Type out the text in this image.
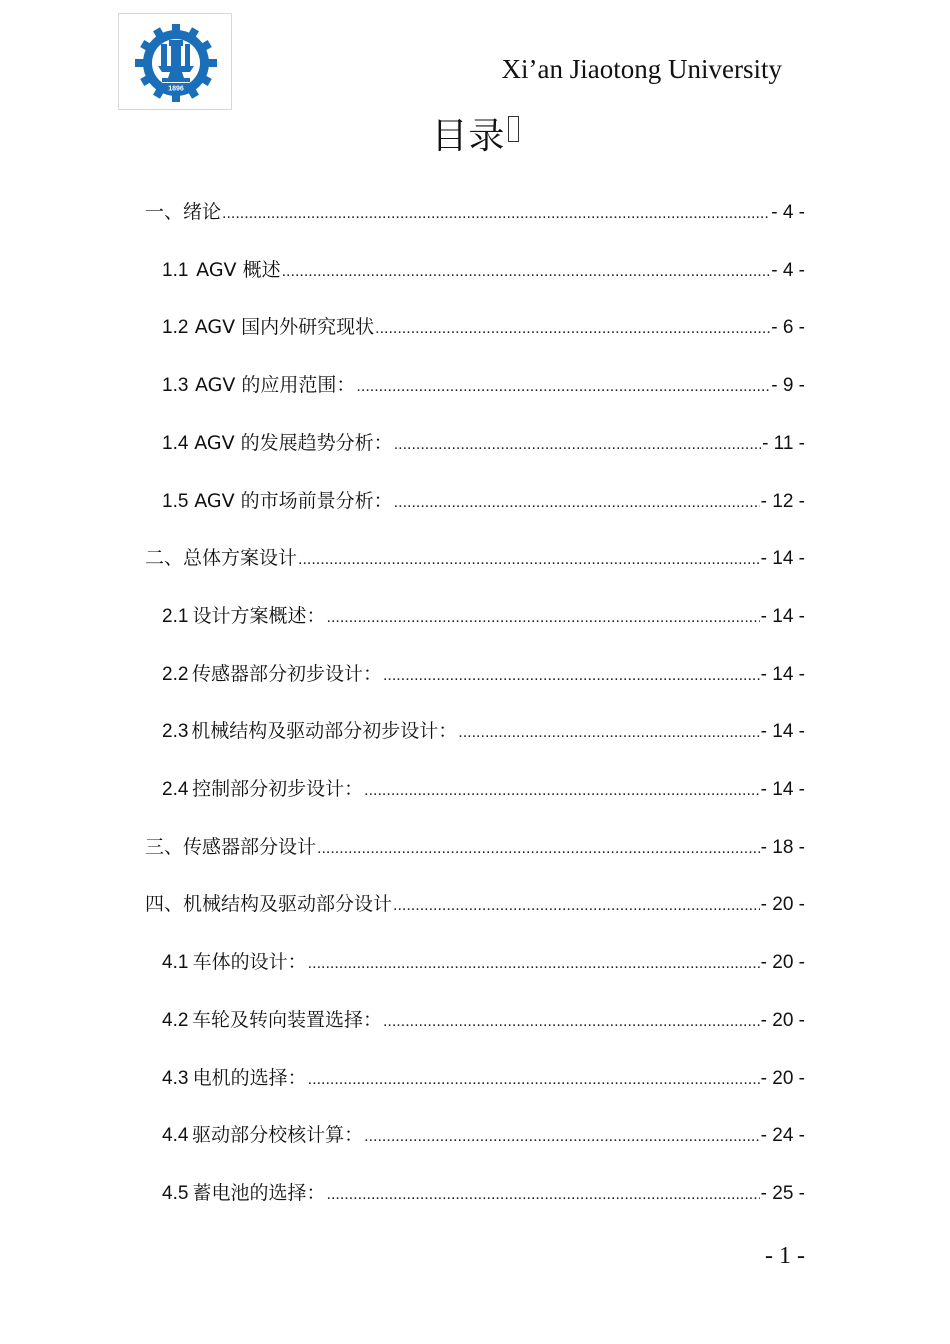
1896
Xi’an Jiaotong University
目录
一、绪论 .....	- 4 -
1.1 AGV 概述 .....	- 4 -
1.2 AGV 国内外研究现状 .....	- 6 -
1.3 AGV 的应用范围： .....	- 9 -
1.4 AGV 的发展趋势分析： .....	- 11 -
1.5 AGV 的市场前景分析： .....	- 12 -
二、总体方案设计 .....	- 14 -
2.1 设计方案概述： .....	- 14 -
2.2 传感器部分初步设计： .....	- 14 -
2.3 机械结构及驱动部分初步设计： .....	- 14 -
2.4 控制部分初步设计： .....	- 14 -
三、传感器部分设计 .....	- 18 -
四、机械结构及驱动部分设计 .....	- 20 -
4.1 车体的设计： .....	- 20 -
4.2 车轮及转向装置选择： .....	- 20 -
4.3 电机的选择： .....	- 20 -
4.4 驱动部分校核计算： .....	- 24 -
4.5 蓄电池的选择： .....	- 25 -
- 1 -
